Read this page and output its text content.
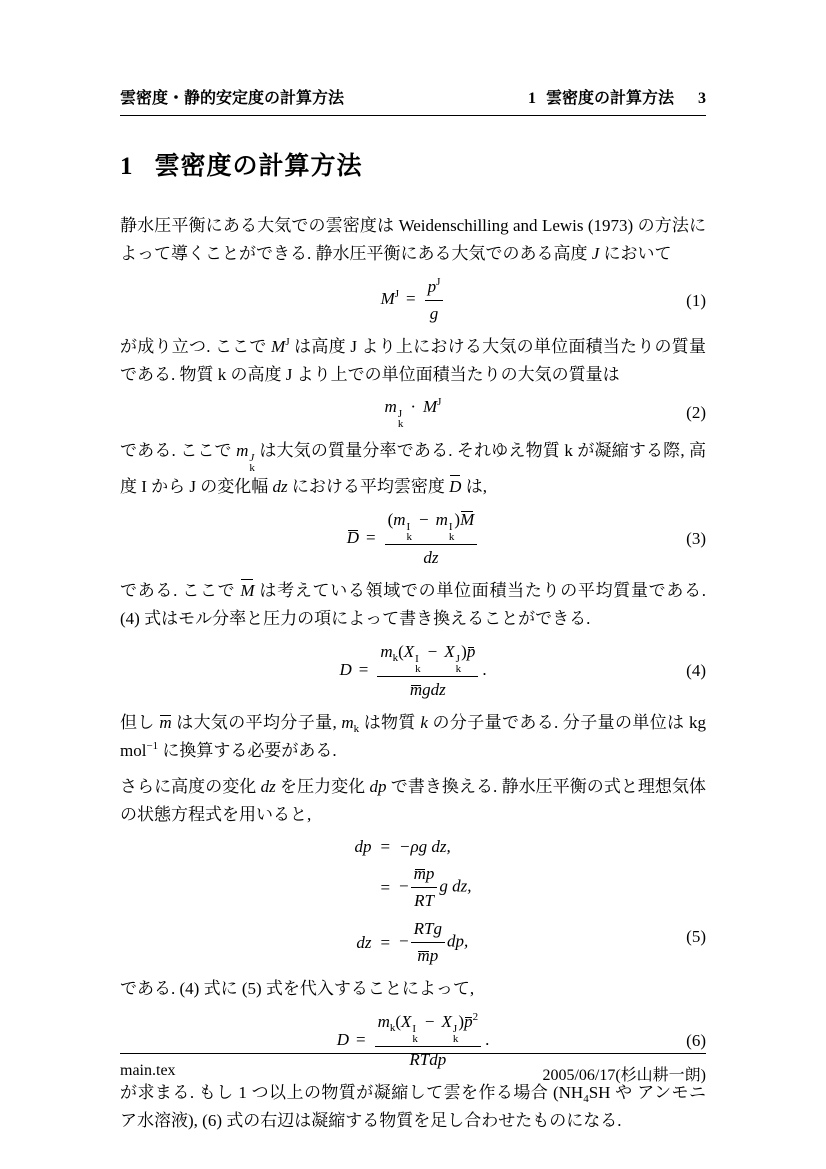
雲密度・静的安定度の計算方法	1 雲密度の計算方法 3
1 雲密度の計算方法

静水圧平衡にある大気での雲密度は Weidenschilling and Lewis (1973) の方法によって導くことができる. 静水圧平衡にある大気でのある高度 J において

$M^J = \frac{p^J}{g}$	(1)

が成り立つ. ここで $M^J$ は高度 J より上における大気の単位面積当たりの質量である. 物質 k の高度 J より上での単位面積当たりの大気の質量は

m J
k
· $M^J$
(2)

である. ここで m J
k
は大気の質量分率である. それゆえ物質 k が凝縮する際, 高度 I から J の変化幅 dz における平均雲密度 D は,

D = (m I
k
− m I
k
)M
dz	(3)

である. ここで M は考えている領域での単位面積当たりの平均質量である. (4) 式はモル分率と圧力の項によって書き換えることができる.

$D = m_k(X$ I
k
− X J
k
)p
mgdz .	(4)

但し m は大気の平均分子量, $m_k$ は物質 k の分子量である. 分子量の単位は kg mol$^{-1}$ に換算する必要がある.

さらに高度の変化 dz を圧力変化 dp で書き換える. 静水圧平衡の式と理想気体の状態方程式を用いると,

dp = −ρg dz,
= − $\frac{mp}{RT}$ g dz,
dz = − $\frac{\text{RTg}}{mp}$ dp,	(5)

である. (4) 式に (5) 式を代入することによって,

$D = m_k(X$ I
k
− X J
k
)$p^2$
RTdp .	(6)

が求まる. もし 1 つ以上の物質が凝縮して雲を作る場合 ($NH_4SH$ や アンモニア水溶液), (6) 式の右辺は凝縮する物質を足し合わせたものになる.

main.tex	2005/06/17(杉山耕一朗)
